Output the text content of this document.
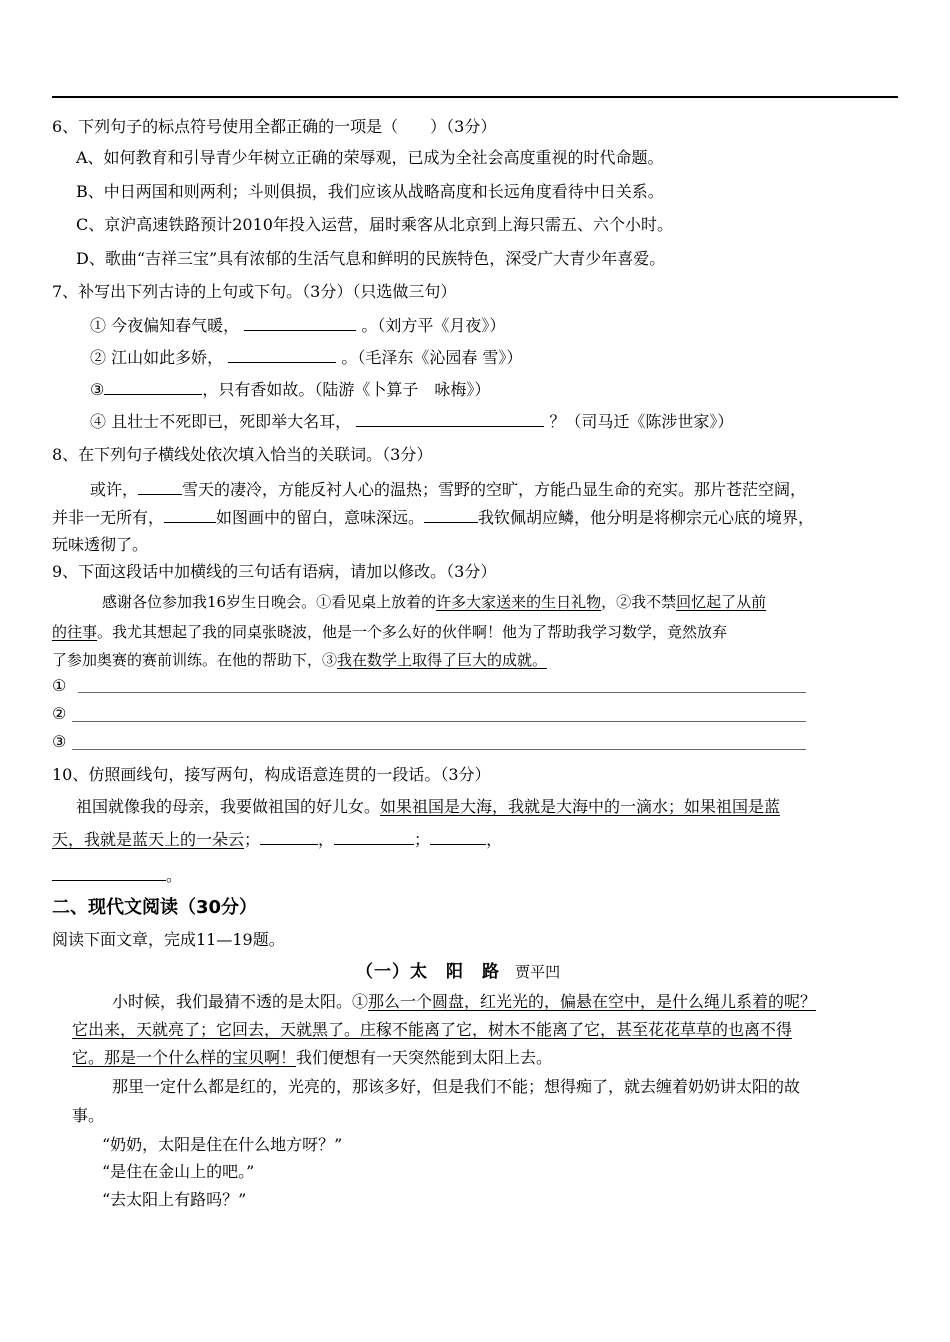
6、下列句子的标点符号使用全都正确的一项是（　　）（3分）
A、如何教育和引导青少年树立正确的荣辱观，已成为全社会高度重视的时代命题。
B、中日两国和则两利；斗则俱损，我们应该从战略高度和长远角度看待中日关系。
C、京沪高速铁路预计2010年投入运营，届时乘客从北京到上海只需五、六个小时。
D、歌曲“吉祥三宝”具有浓郁的生活气息和鲜明的民族特色，深受广大青少年喜爱。
7、补写出下列古诗的上句或下句。（3分）（只选做三句）
① 今夜偏知春气暖，	。（刘方平《月夜》）
② 江山如此多娇，	。（毛泽东《沁园春 雪》）
③	，只有香如故。（陆游《卜算子　咏梅》）
④ 且壮士不死即已，死即举大名耳，	？（司马迁《陈涉世家》）
8、在下列句子横线处依次填入恰当的关联词。（3分）
或许，	雪天的凄冷，方能反衬人心的温热；雪野的空旷，方能凸显生命的充实。那片苍茫空阔，
并非一无所有，	如图画中的留白，意味深远。	我钦佩胡应鳞，他分明是将柳宗元心底的境界，
玩味透彻了。
9、下面这段话中加横线的三句话有语病，请加以修改。（3分）
感谢各位参加我16岁生日晚会。①看见桌上放着的许多大家送来的生日礼物，②我不禁回忆起了从前
的往事。我尤其想起了我的同桌张晓波，他是一个多么好的伙伴啊！他为了帮助我学习数学，竟然放弃
了参加奥赛的赛前训练。在他的帮助下，③我在数学上取得了巨大的成就。
①
②
③
10、仿照画线句，接写两句，构成语意连贯的一段话。（3分）
祖国就像我的母亲，我要做祖国的好儿女。如果祖国是大海，我就是大海中的一滴水；如果祖国是蓝
天，我就是蓝天上的一朵云；	，	；	，
。
二、现代文阅读（30分）
阅读下面文章，完成11—19题。
（一）太　阳　路 贾平凹
小时候，我们最猜不透的是太阳。①那么一个圆盘，红光光的，偏悬在空中，是什么绳儿系着的呢？
它出来，天就亮了；它回去，天就黑了。庄稼不能离了它，树木不能离了它，甚至花花草草的也离不得
它。那是一个什么样的宝贝啊！我们便想有一天突然能到太阳上去。
那里一定什么都是红的，光亮的，那该多好，但是我们不能；想得痴了，就去缠着奶奶讲太阳的故
事。
“奶奶，太阳是住在什么地方呀？”
“是住在金山上的吧。”
“去太阳上有路吗？”
